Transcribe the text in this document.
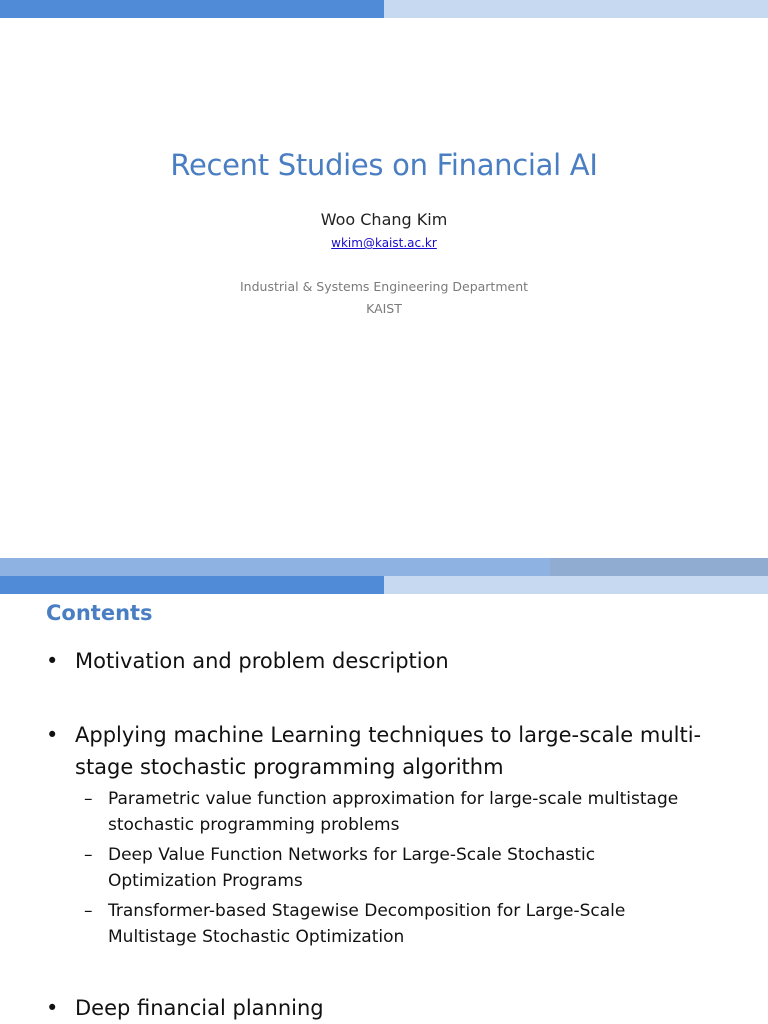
Recent Studies on Financial AI
Woo Chang Kim
wkim@kaist.ac.kr
Industrial & Systems Engineering Department
KAIST
Contents
• Motivation and problem description
• Applying machine Learning techniques to large-scale multi-stage stochastic programming algorithm
– Parametric value function approximation for large-scale multistage stochastic programming problems
– Deep Value Function Networks for Large-Scale Stochastic Optimization Programs
– Transformer-based Stagewise Decomposition for Large-Scale Multistage Stochastic Optimization
• Deep financial planning
